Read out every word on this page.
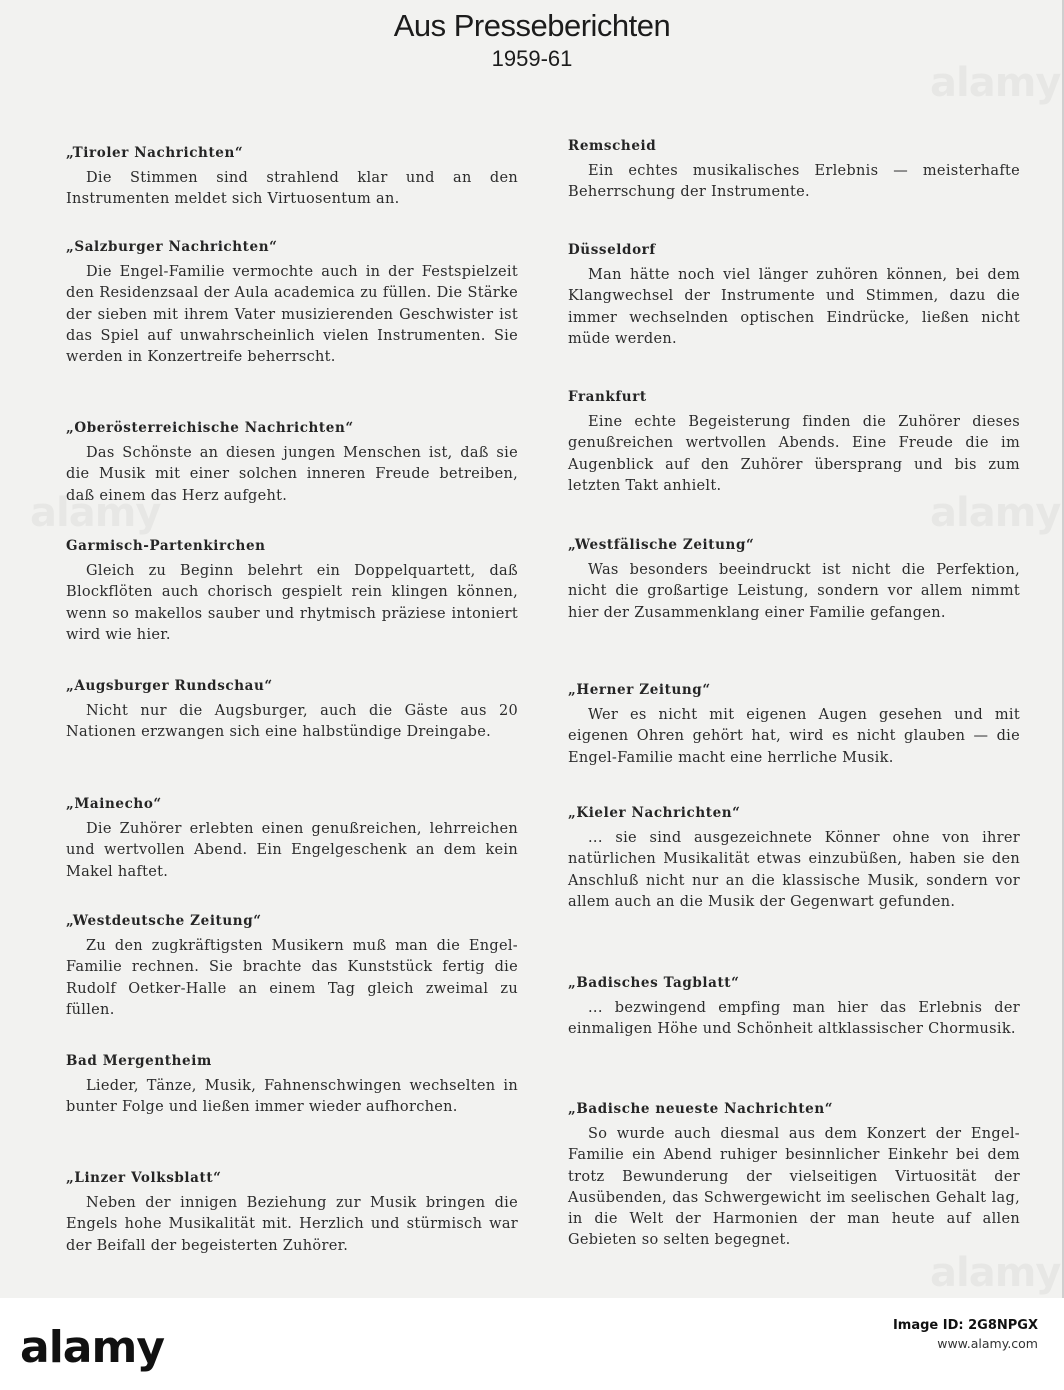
Aus Presseberichten
1959-61
„Tiroler Nachrichten“
Die Stimmen sind strahlend klar und an den Instrumenten meldet sich Virtuosentum an.
„Salzburger Nachrichten“
Die Engel-Familie vermochte auch in der Festspielzeit den Residenzsaal der Aula academica zu füllen. Die Stärke der sieben mit ihrem Vater musizierenden Geschwister ist das Spiel auf unwahrscheinlich vielen Instrumenten. Sie werden in Konzertreife beherrscht.
„Oberösterreichische Nachrichten“
Das Schönste an diesen jungen Menschen ist, daß sie die Musik mit einer solchen inneren Freude betreiben, daß einem das Herz aufgeht.
Garmisch-Partenkirchen
Gleich zu Beginn belehrt ein Doppelquartett, daß Blockflöten auch chorisch gespielt rein klingen können, wenn so makellos sauber und rhytmisch präziese intoniert wird wie hier.
„Augsburger Rundschau“
Nicht nur die Augsburger, auch die Gäste aus 20 Nationen erzwangen sich eine halbstündige Dreingabe.
„Mainecho“
Die Zuhörer erlebten einen genußreichen, lehrreichen und wertvollen Abend. Ein Engelgeschenk an dem kein Makel haftet.
„Westdeutsche Zeitung“
Zu den zugkräftigsten Musikern muß man die Engel-Familie rechnen. Sie brachte das Kunststück fertig die Rudolf Oetker-Halle an einem Tag gleich zweimal zu füllen.
Bad Mergentheim
Lieder, Tänze, Musik, Fahnenschwingen wechselten in bunter Folge und ließen immer wieder aufhorchen.
„Linzer Volksblatt“
Neben der innigen Beziehung zur Musik bringen die Engels hohe Musikalität mit. Herzlich und stürmisch war der Beifall der begeisterten Zuhörer.
Remscheid
Ein echtes musikalisches Erlebnis — meisterhafte Beherrschung der Instrumente.
Düsseldorf
Man hätte noch viel länger zuhören können, bei dem Klangwechsel der Instrumente und Stimmen, dazu die immer wechselnden optischen Eindrücke, ließen nicht müde werden.
Frankfurt
Eine echte Begeisterung finden die Zuhörer dieses genußreichen wertvollen Abends. Eine Freude die im Augenblick auf den Zuhörer übersprang und bis zum letzten Takt anhielt.
„Westfälische Zeitung“
Was besonders beeindruckt ist nicht die Perfektion, nicht die großartige Leistung, sondern vor allem nimmt hier der Zusammenklang einer Familie gefangen.
„Herner Zeitung“
Wer es nicht mit eigenen Augen gesehen und mit eigenen Ohren gehört hat, wird es nicht glauben — die Engel-Familie macht eine herrliche Musik.
„Kieler Nachrichten“
... sie sind ausgezeichnete Könner ohne von ihrer natürlichen Musikalität etwas einzubüßen, haben sie den Anschluß nicht nur an die klassische Musik, sondern vor allem auch an die Musik der Gegenwart gefunden.
„Badisches Tagblatt“
... bezwingend empfing man hier das Erlebnis der einmaligen Höhe und Schönheit altklassischer Chormusik.
„Badische neueste Nachrichten“
So wurde auch diesmal aus dem Konzert der Engel-Familie ein Abend ruhiger besinnlicher Einkehr bei dem trotz Bewunderung der vielseitigen Virtuosität der Ausübenden, das Schwergewicht im seelischen Gehalt lag, in die Welt der Harmonien der man heute auf allen Gebieten so selten begegnet.
alamy	Image ID: 2G8NPGX
www.alamy.com
